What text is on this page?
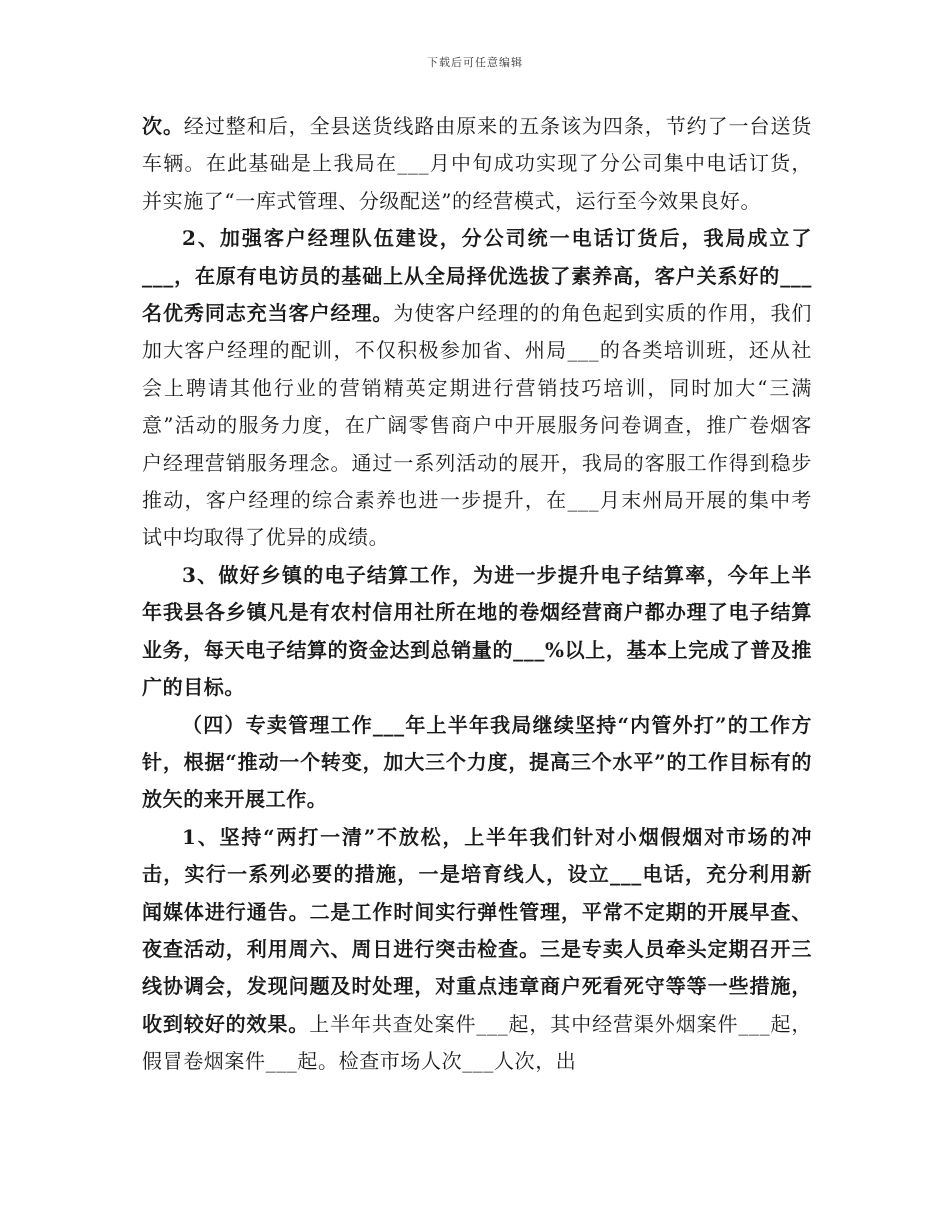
下载后可任意编辑

次。经过整和后，全县送货线路由原来的五条该为四条，节约了一台送货车辆。在此基础是上我局在___月中旬成功实现了分公司集中电话订货，并实施了“一库式管理、分级配送”的经营模式，运行至今效果良好。

2、加强客户经理队伍建设，分公司统一电话订货后，我局成立了___，在原有电访员的基础上从全局择优选拔了素养高，客户关系好的___名优秀同志充当客户经理。为使客户经理的的角色起到实质的作用，我们加大客户经理的配训，不仅积极参加省、州局___的各类培训班，还从社会上聘请其他行业的营销精英定期进行营销技巧培训，同时加大“三满意”活动的服务力度，在广阔零售商户中开展服务问卷调查，推广卷烟客户经理营销服务理念。通过一系列活动的展开，我局的客服工作得到稳步推动，客户经理的综合素养也进一步提升，在___月末州局开展的集中考试中均取得了优异的成绩。

3、做好乡镇的电子结算工作，为进一步提升电子结算率，今年上半年我县各乡镇凡是有农村信用社所在地的卷烟经营商户都办理了电子结算业务，每天电子结算的资金达到总销量的___%以上，基本上完成了普及推广的目标。

（四）专卖管理工作___年上半年我局继续坚持“内管外打”的工作方针，根据“推动一个转变，加大三个力度，提高三个水平”的工作目标有的放矢的来开展工作。

1、坚持“两打一清”不放松，上半年我们针对小烟假烟对市场的冲击，实行一系列必要的措施，一是培育线人，设立___电话，充分利用新闻媒体进行通告。二是工作时间实行弹性管理，平常不定期的开展早查、夜查活动，利用周六、周日进行突击检查。三是专卖人员牵头定期召开三线协调会，发现问题及时处理，对重点违章商户死看死守等等一些措施，收到较好的效果。上半年共查处案件___起，其中经营渠外烟案件___起，假冒卷烟案件___起。检查市场人次___人次，出
